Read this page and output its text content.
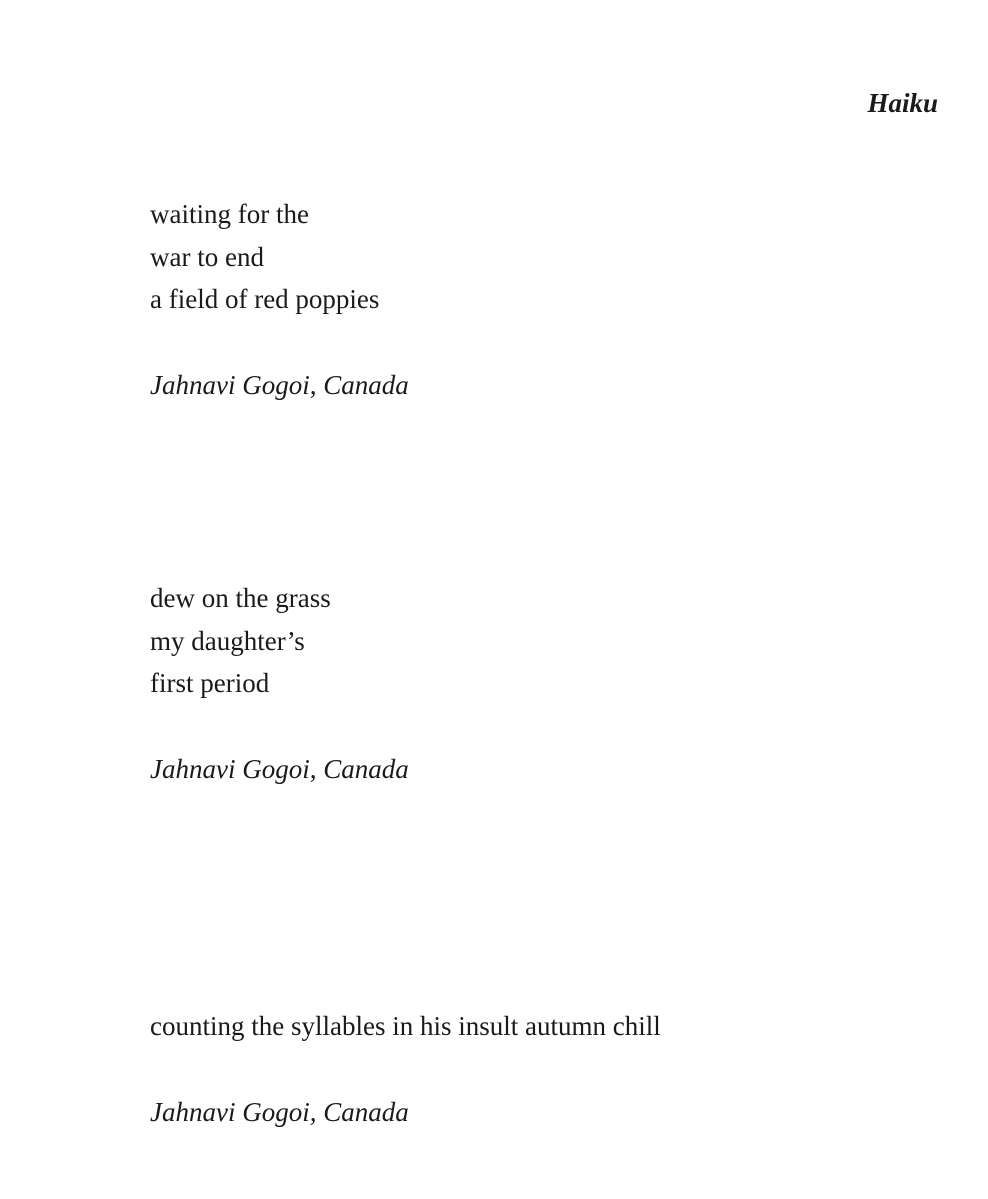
Haiku
waiting for the
war to end
a field of red poppies
Jahnavi Gogoi, Canada
dew on the grass
my daughter’s
first period
Jahnavi Gogoi, Canada
counting the syllables in his insult autumn chill
Jahnavi Gogoi, Canada
